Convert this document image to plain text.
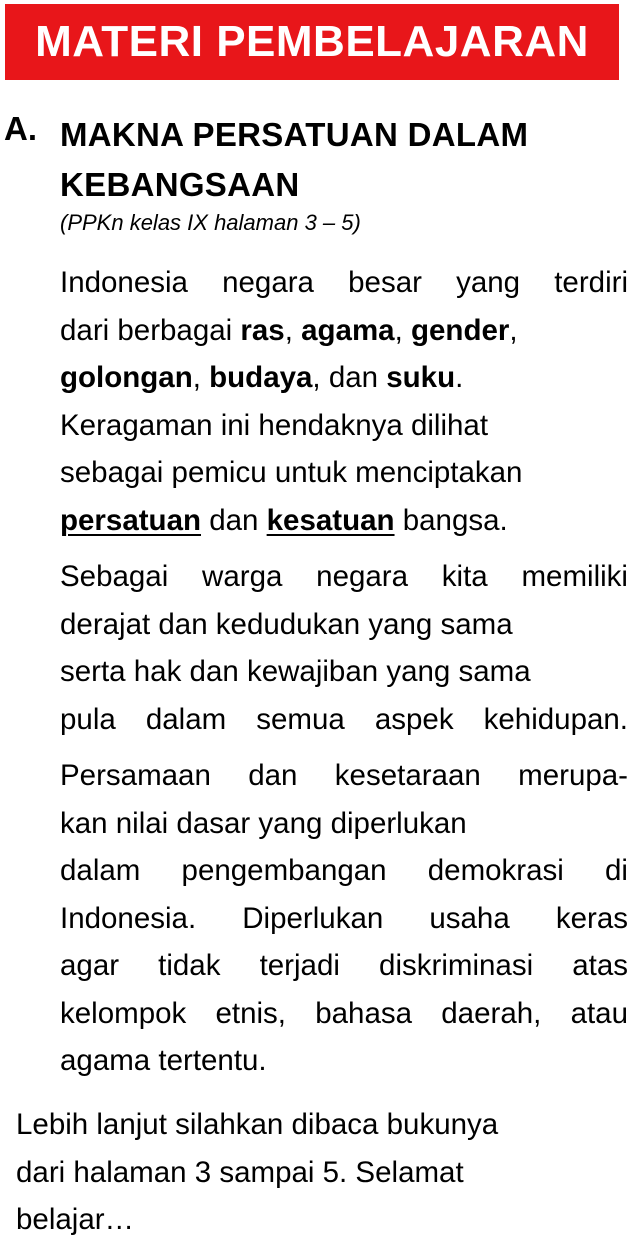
MATERI PEMBELAJARAN
A. MAKNA PERSATUAN DALAM
KEBANGSAAN
(PPKn kelas IX halaman 3 – 5)
Indonesia negara besar yang terdiri
dari berbagai ras, agama, gender,
golongan, budaya, dan suku.
Keragaman ini hendaknya dilihat
sebagai pemicu untuk menciptakan
persatuan dan kesatuan bangsa.
Sebagai warga negara kita memiliki
derajat dan kedudukan yang sama
serta hak dan kewajiban yang sama
pula dalam semua aspek kehidupan.
Persamaan dan kesetaraan merupa-
kan nilai dasar yang diperlukan
dalam pengembangan demokrasi di
Indonesia. Diperlukan usaha keras
agar tidak terjadi diskriminasi atas
kelompok etnis, bahasa daerah, atau
agama tertentu.
Lebih lanjut silahkan dibaca bukunya
dari halaman 3 sampai 5. Selamat
belajar…
